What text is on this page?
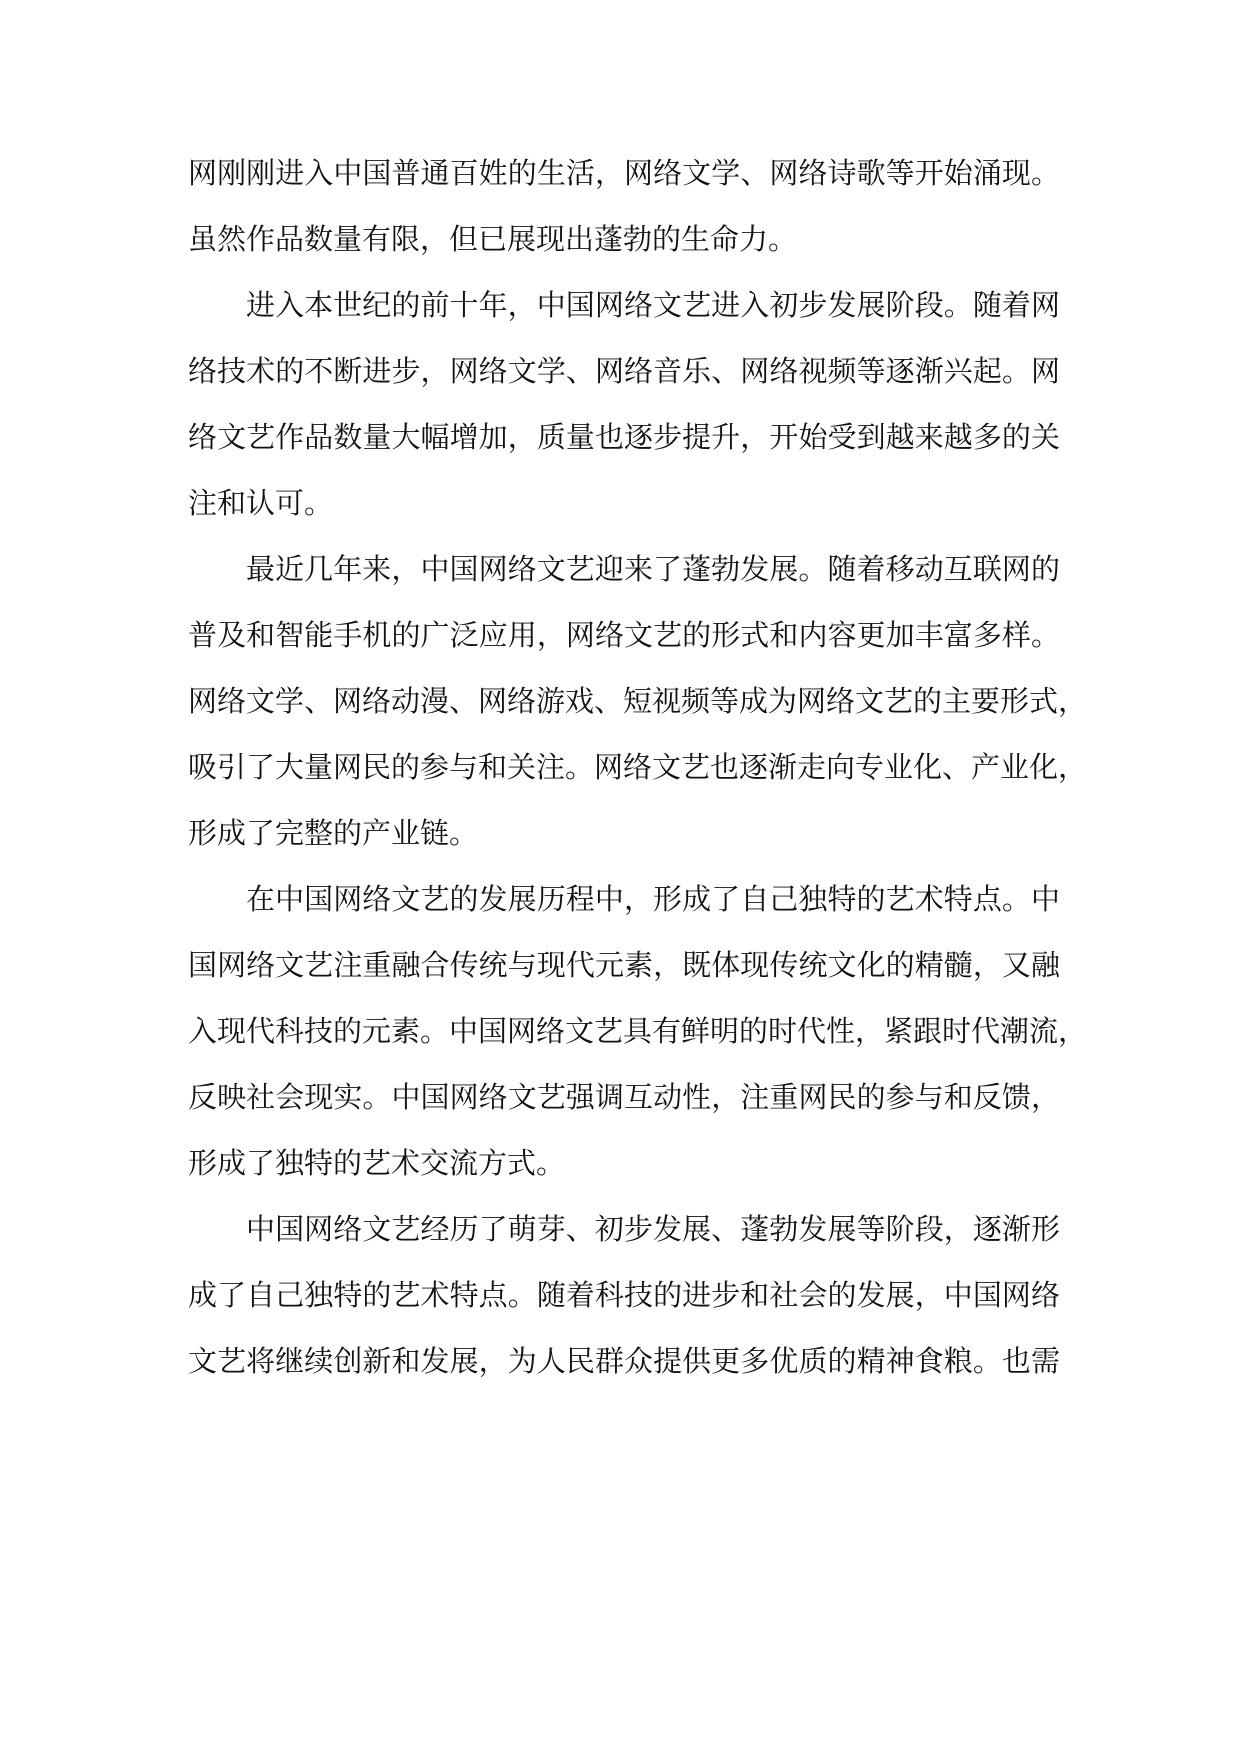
网刚刚进入中国普通百姓的生活，网络文学、网络诗歌等开始涌现。
虽然作品数量有限，但已展现出蓬勃的生命力。
进入本世纪的前十年，中国网络文艺进入初步发展阶段。随着网
络技术的不断进步，网络文学、网络音乐、网络视频等逐渐兴起。网
络文艺作品数量大幅增加，质量也逐步提升，开始受到越来越多的关
注和认可。
最近几年来，中国网络文艺迎来了蓬勃发展。随着移动互联网的
普及和智能手机的广泛应用，网络文艺的形式和内容更加丰富多样。
网络文学、网络动漫、网络游戏、短视频等成为网络文艺的主要形式，
吸引了大量网民的参与和关注。网络文艺也逐渐走向专业化、产业化，
形成了完整的产业链。
在中国网络文艺的发展历程中，形成了自己独特的艺术特点。中
国网络文艺注重融合传统与现代元素，既体现传统文化的精髓，又融
入现代科技的元素。中国网络文艺具有鲜明的时代性，紧跟时代潮流，
反映社会现实。中国网络文艺强调互动性，注重网民的参与和反馈，
形成了独特的艺术交流方式。
中国网络文艺经历了萌芽、初步发展、蓬勃发展等阶段，逐渐形
成了自己独特的艺术特点。随着科技的进步和社会的发展，中国网络
文艺将继续创新和发展，为人民群众提供更多优质的精神食粮。也需
